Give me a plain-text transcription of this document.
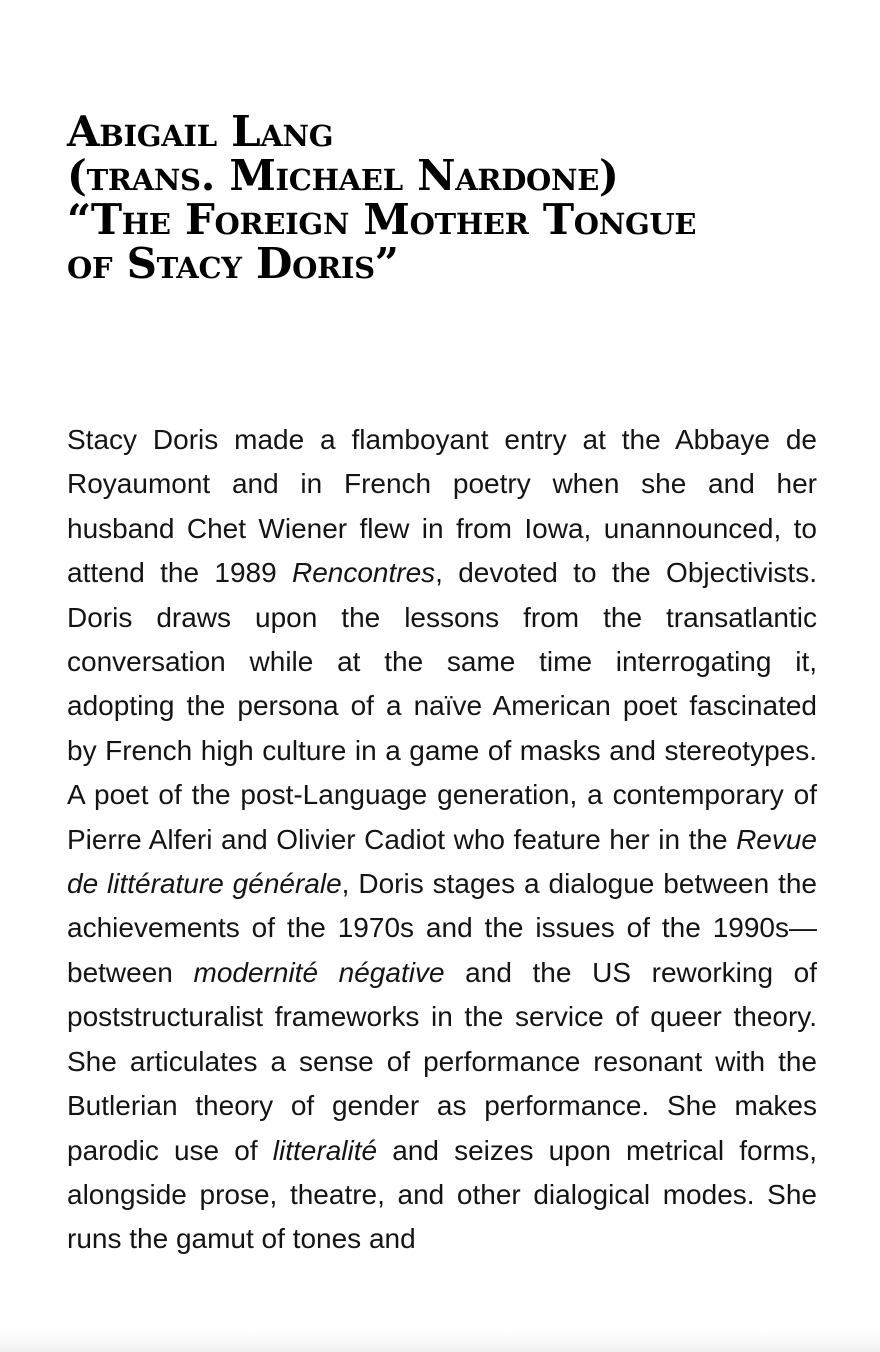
Abigail Lang
(trans. Michael Nardone)
“The Foreign Mother Tongue
of Stacy Doris”

Stacy Doris made a flamboyant entry at the Abbaye de Royaumont and in French poetry when she and her husband Chet Wiener flew in from Iowa, unannounced, to attend the 1989 Rencontres, devoted to the Objectivists. Doris draws upon the lessons from the transatlantic conversation while at the same time interrogating it, adopting the persona of a naïve American poet fascinated by French high culture in a game of masks and stereotypes. A poet of the post-Language generation, a contemporary of Pierre Alferi and Olivier Cadiot who feature her in the Revue de littérature générale, Doris stages a dialogue between the achievements of the 1970s and the issues of the 1990s—between modernité négative and the US reworking of poststructuralist frameworks in the service of queer theory. She articulates a sense of performance resonant with the Butlerian theory of gender as performance. She makes parodic use of litteralité and seizes upon metrical forms, alongside prose, theatre, and other dialogical modes. She runs the gamut of tones and
